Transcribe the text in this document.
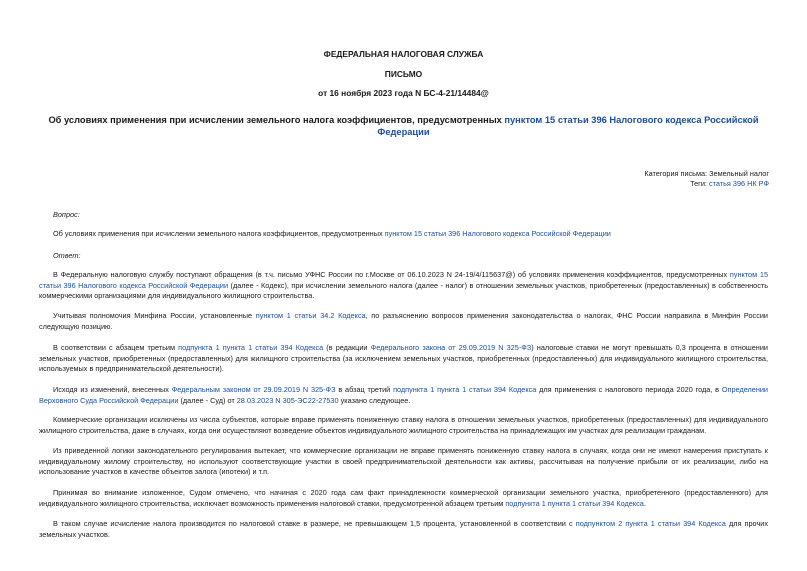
ФЕДЕРАЛЬНАЯ НАЛОГОВАЯ СЛУЖБА
ПИСЬМО
от 16 ноября 2023 года N БС-4-21/14484@
Об условиях применения при исчислении земельного налога коэффициентов, предусмотренных пунктом 15 статьи 396 Налогового кодекса Российской Федерации
Категория письма: Земельный налог
Теги: статья 396 НК РФ
Вопрос:
Об условиях применения при исчислении земельного налога коэффициентов, предусмотренных пунктом 15 статьи 396 Налогового кодекса Российской Федерации
Ответ:
В Федеральную налоговую службу поступают обращения (в т.ч. письмо УФНС России по г.Москве от 06.10.2023 N 24-19/4/115637@) об условиях применения коэффициентов, предусмотренных пунктом 15 статьи 396 Налогового кодекса Российской Федерации (далее - Кодекс), при исчислении земельного налога (далее - налог) в отношении земельных участков, приобретенных (предоставленных) в собственность коммерческими организациями для индивидуального жилищного строительства.
Учитывая полномочия Минфина России, установленные пунктом 1 статьи 34.2 Кодекса, по разъяснению вопросов применения законодательства о налогах, ФНС России направила в Минфин России следующую позицию.
В соответствии с абзацем третьим подпункта 1 пункта 1 статьи 394 Кодекса (в редакции Федерального закона от 29.09.2019 N 325-ФЗ) налоговые ставки не могут превышать 0,3 процента в отношении земельных участков, приобретенных (предоставленных) для жилищного строительства (за исключением земельных участков, приобретенных (предоставленных) для индивидуального жилищного строительства, используемых в предпринимательской деятельности).
Исходя из изменений, внесенных Федеральным законом от 29.09.2019 N 325-ФЗ в абзац третий подпункта 1 пункта 1 статьи 394 Кодекса для применения с налогового периода 2020 года, в Определении Верховного Суда Российской Федерации (далее - Суд) от 28.03.2023 N 305-ЭС22-27530 указано следующее.
Коммерческие организации исключены из числа субъектов, которые вправе применять пониженную ставку налога в отношении земельных участков, приобретенных (предоставленных) для индивидуального жилищного строительства, даже в случаях, когда они осуществляют возведение объектов индивидуального жилищного строительства на принадлежащих им участках для реализации гражданам.
Из приведенной логики законодательного регулирования вытекает, что коммерческие организации не вправе применять пониженную ставку налога в случаях, когда они не имеют намерения приступать к индивидуальному жилому строительству, но используют соответствующие участки в своей предпринимательской деятельности как активы, рассчитывая на получение прибыли от их реализации, либо на использование участков в качестве объектов залога (ипотеки) и т.п.
Принимая во внимание изложенное, Судом отмечено, что начиная с 2020 года сам факт принадлежности коммерческой организации земельного участка, приобретенного (предоставленного) для индивидуального жилищного строительства, исключает возможность применения налоговой ставки, предусмотренной абзацем третьим подпункта 1 пункта 1 статьи 394 Кодекса.
В таком случае исчисление налога производится по налоговой ставке в размере, не превышающем 1,5 процента, установленной в соответствии с подпунктом 2 пункта 1 статьи 394 Кодекса для прочих земельных участков.
